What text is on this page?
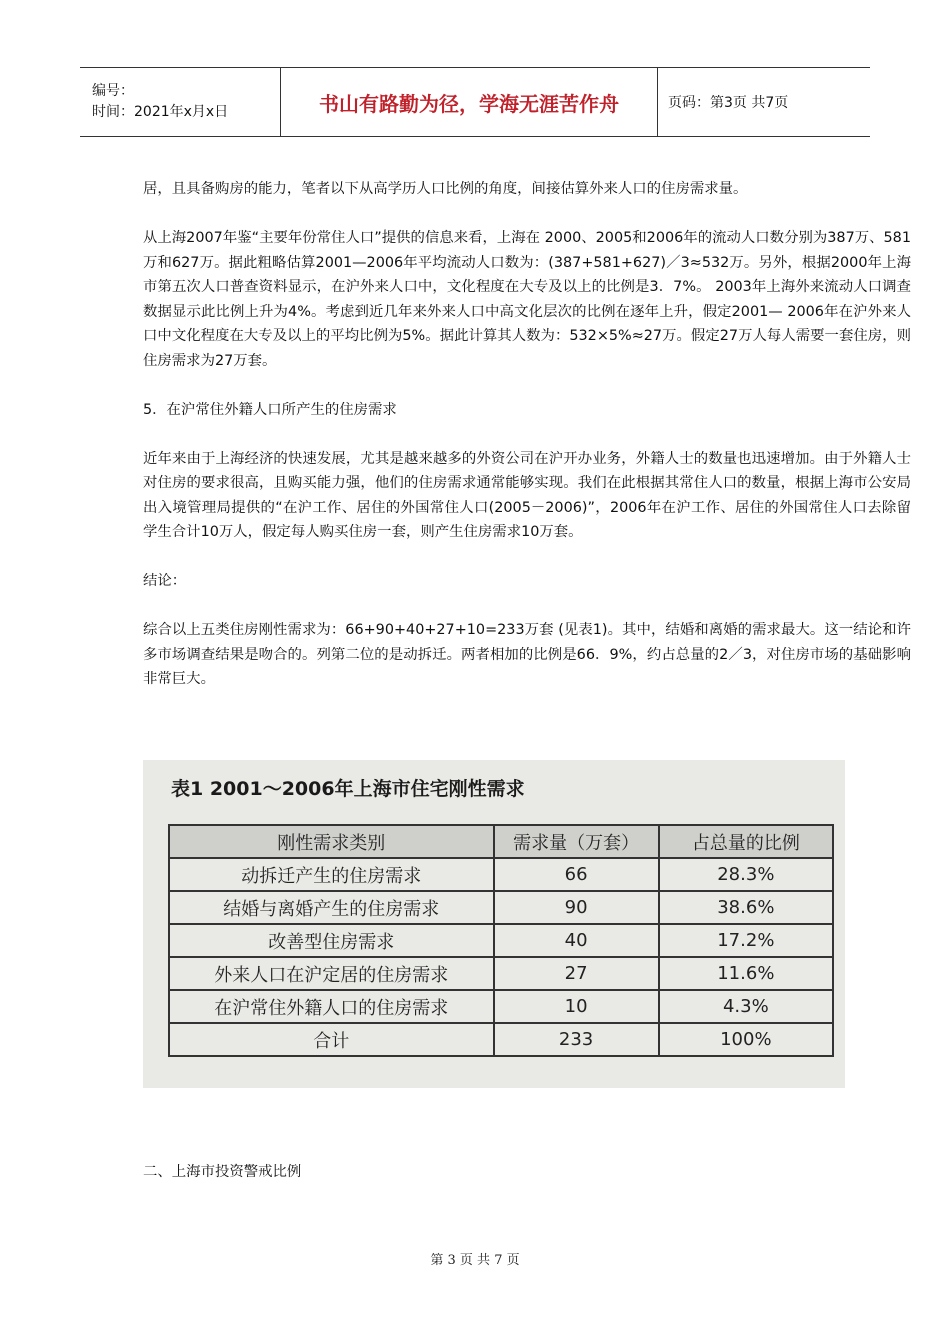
编号：
时间：2021年x月x日	书山有路勤为径，学海无涯苦作舟	页码：第3页 共7页

居，且具备购房的能力，笔者以下从高学历人口比例的角度，间接估算外来人口的住房需求量。

从上海2007年鉴“主要年份常住人口”提供的信息来看，上海在 2000、2005和2006年的流动人口数分别为387万、581万和627万。据此粗略估算2001—2006年平均流动人口数为：(387+581+627)／3≈532万。另外，根据2000年上海市第五次人口普查资料显示，在沪外来人口中，文化程度在大专及以上的比例是3．7%。 2003年上海外来流动人口调查数据显示此比例上升为4%。考虑到近几年来外来人口中高文化层次的比例在逐年上升，假定2001— 2006年在沪外来人口中文化程度在大专及以上的平均比例为5%。据此计算其人数为：532×5%≈27万。假定27万人每人需要一套住房，则住房需求为27万套。

5．在沪常住外籍人口所产生的住房需求

近年来由于上海经济的快速发展，尤其是越来越多的外资公司在沪开办业务，外籍人士的数量也迅速增加。由于外籍人士对住房的要求很高，且购买能力强，他们的住房需求通常能够实现。我们在此根据其常住人口的数量，根据上海市公安局出入境管理局提供的“在沪工作、居住的外国常住人口(2005－2006)”，2006年在沪工作、居住的外国常住人口去除留学生合计10万人，假定每人购买住房一套，则产生住房需求10万套。

结论：

综合以上五类住房刚性需求为：66+90+40+27+10=233万套 (见表1)。其中，结婚和离婚的需求最大。这一结论和许多市场调查结果是吻合的。列第二位的是动拆迁。两者相加的比例是66．9%，约占总量的2／3，对住房市场的基础影响非常巨大。

表1 2001～2006年上海市住宅刚性需求
刚性需求类别	需求量（万套）	占总量的比例
动拆迁产生的住房需求	66	28.3%
结婚与离婚产生的住房需求	90	38.6%
改善型住房需求	40	17.2%
外来人口在沪定居的住房需求	27	11.6%
在沪常住外籍人口的住房需求	10	4.3%
合计	233	100%
二、上海市投资警戒比例
第 3 页 共 7 页
